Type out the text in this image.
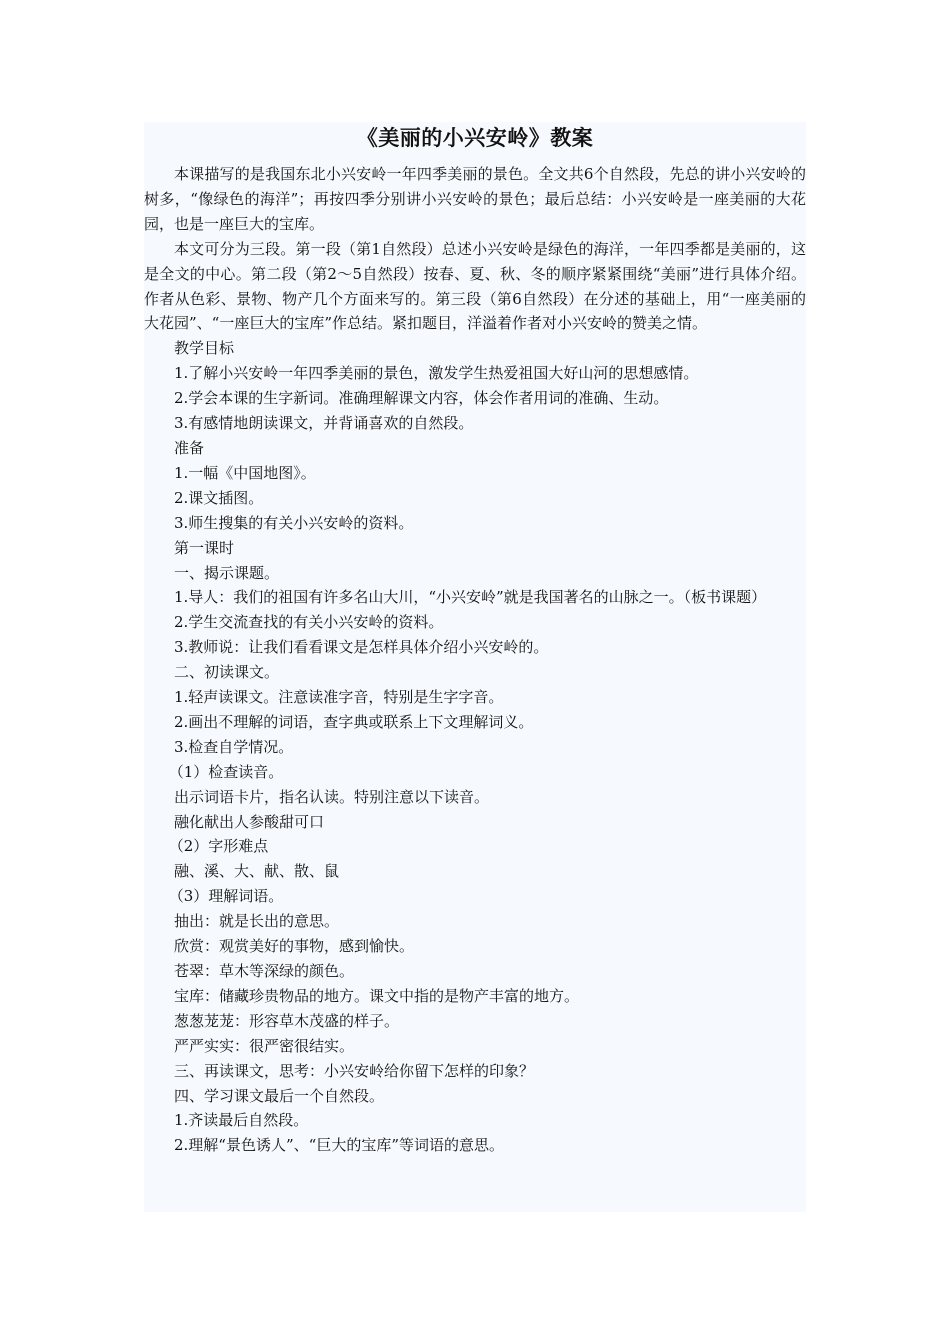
《美丽的小兴安岭》教案

本课描写的是我国东北小兴安岭一年四季美丽的景色。全文共6个自然段，先总的讲小兴安岭的树多，“像绿色的海洋”；再按四季分别讲小兴安岭的景色；最后总结：小兴安岭是一座美丽的大花园，也是一座巨大的宝库。

本文可分为三段。第一段（第1自然段）总述小兴安岭是绿色的海洋，一年四季都是美丽的，这是全文的中心。第二段（第2～5自然段）按春、夏、秋、冬的顺序紧紧围绕“美丽”进行具体介绍。作者从色彩、景物、物产几个方面来写的。第三段（第6自然段）在分述的基础上，用“一座美丽的大花园”、“一座巨大的宝库”作总结。紧扣题目，洋溢着作者对小兴安岭的赞美之情。

教学目标

1.了解小兴安岭一年四季美丽的景色，激发学生热爱祖国大好山河的思想感情。

2.学会本课的生字新词。准确理解课文内容，体会作者用词的准确、生动。

3.有感情地朗读课文，并背诵喜欢的自然段。

准备

1.一幅《中国地图》。

2.课文插图。

3.师生搜集的有关小兴安岭的资料。

第一课时

一、揭示课题。

1.导人：我们的祖国有许多名山大川，“小兴安岭”就是我国著名的山脉之一。（板书课题）

2.学生交流查找的有关小兴安岭的资料。

3.教师说：让我们看看课文是怎样具体介绍小兴安岭的。

二、初读课文。

1.轻声读课文。注意读准字音，特别是生字字音。

2.画出不理解的词语，查字典或联系上下文理解词义。

3.检查自学情况。

（1）检查读音。

出示词语卡片，指名认读。特别注意以下读音。

融化献出人参酸甜可口

（2）字形难点

融、溪、大、献、散、鼠

（3）理解词语。

抽出：就是长出的意思。

欣赏：观赏美好的事物，感到愉快。

苍翠：草木等深绿的颜色。

宝库：储藏珍贵物品的地方。课文中指的是物产丰富的地方。

葱葱茏茏：形容草木茂盛的样子。

严严实实：很严密很结实。

三、再读课文，思考：小兴安岭给你留下怎样的印象？

四、学习课文最后一个自然段。

1.齐读最后自然段。

2.理解“景色诱人”、“巨大的宝库”等词语的意思。
